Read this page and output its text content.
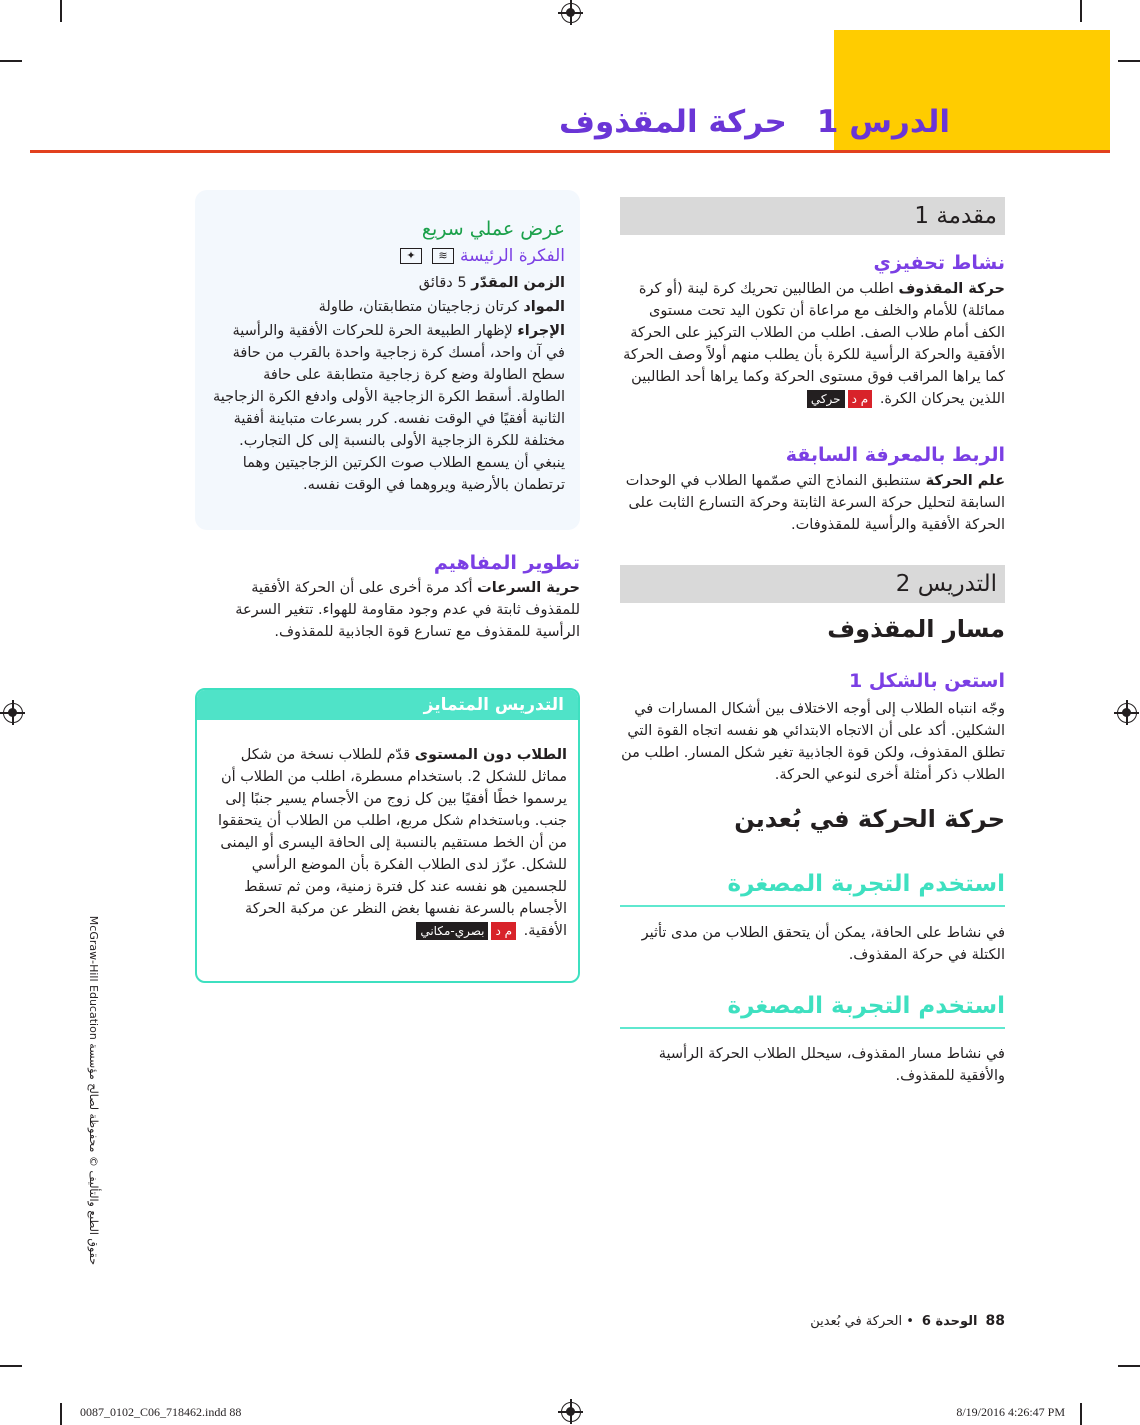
الدرس 1
حركة المقذوف
1 مقدمة
نشاط تحفيزي
حركة المقذوف اطلب من الطالبين تحريك كرة لينة (أو كرة ممائلة) للأمام والخلف مع مراعاة أن تكون اليد تحت مستوى الكف أمام طلاب الصف. اطلب من الطلاب التركيز على الحركة الأفقية والحركة الرأسية للكرة بأن يطلب منهم أولاً وصف الحركة كما يراها المراقب فوق مستوى الحركة وكما يراها أحد الطالبين اللذين يحركان الكرة. م دحركي
الربط بالمعرفة السابقة
علم الحركة ستنطبق النماذج التي صمّمها الطلاب في الوحدات السابقة لتحليل حركة السرعة الثابتة وحركة التسارع الثابت على الحركة الأفقية والرأسية للمقذوفات.
2 التدريس
مسار المقذوف
استعن بالشكل 1
وجّه انتباه الطلاب إلى أوجه الاختلاف بين أشكال المسارات في الشكلين. أكد على أن الاتجاه الابتدائي هو نفسه اتجاه القوة التي تطلق المقذوف، ولكن قوة الجاذبية تغير شكل المسار. اطلب من الطلاب ذكر أمثلة أخرى لنوعي الحركة.
حركة الحركة في بُعدين
استخدم التجربة المصغرة
في نشاط على الحافة، يمكن أن يتحقق الطلاب من مدى تأثير الكتلة في حركة المقذوف.
استخدم التجربة المصغرة
في نشاط مسار المقذوف، سيحلل الطلاب الحركة الرأسية والأفقية للمقذوف.
عرض عملي سريع
الفكرة الرئيسة
≋
✦
الزمن المقدّر 5 دقائق
المواد كرتان زجاجيتان متطابقتان، طاولة
الإجراء لإظهار الطبيعة الحرة للحركات الأفقية والرأسية في آن واحد، أمسك كرة زجاجية واحدة بالقرب من حافة سطح الطاولة وضع كرة زجاجية متطابقة على حافة الطاولة. أسقط الكرة الزجاجية الأولى وادفع الكرة الزجاجية الثانية أفقيًا في الوقت نفسه. كرر بسرعات متباينة أفقية مختلفة للكرة الزجاجية الأولى بالنسبة إلى كل التجارب. ينبغي أن يسمع الطلاب صوت الكرتين الزجاجيتين وهما ترتطمان بالأرضية ويروهما في الوقت نفسه.
تطوير المفاهيم
حرية السرعات أكد مرة أخرى على أن الحركة الأفقية للمقذوف ثابتة في عدم وجود مقاومة للهواء. تتغير السرعة الرأسية للمقذوف مع تسارع قوة الجاذبية للمقذوف.
التدريس المتمايز
الطلاب دون المستوى قدّم للطلاب نسخة من شكل مماثل للشكل 2. باستخدام مسطرة، اطلب من الطلاب أن يرسموا خطًا أفقيًا بين كل زوج من الأجسام يسير جنبًا إلى جنب. وباستخدام شكل مربع، اطلب من الطلاب أن يتحققوا من أن الخط مستقيم بالنسبة إلى الحافة اليسرى أو اليمنى للشكل. عزّز لدى الطلاب الفكرة بأن الموضع الرأسي للجسمين هو نفسه عند كل فترة زمنية، ومن ثم تسقط الأجسام بالسرعة نفسها بغض النظر عن مركبة الحركة الأفقية. م دبصري-مكاني
حقوق الطبع والتأليف © محفوظة لصالح مؤسسة McGraw-Hill Education
88
الوحدة 6
• الحركة في بُعدين
0087_0102_C06_718462.indd 88	8/19/2016 4:26:47 PM
